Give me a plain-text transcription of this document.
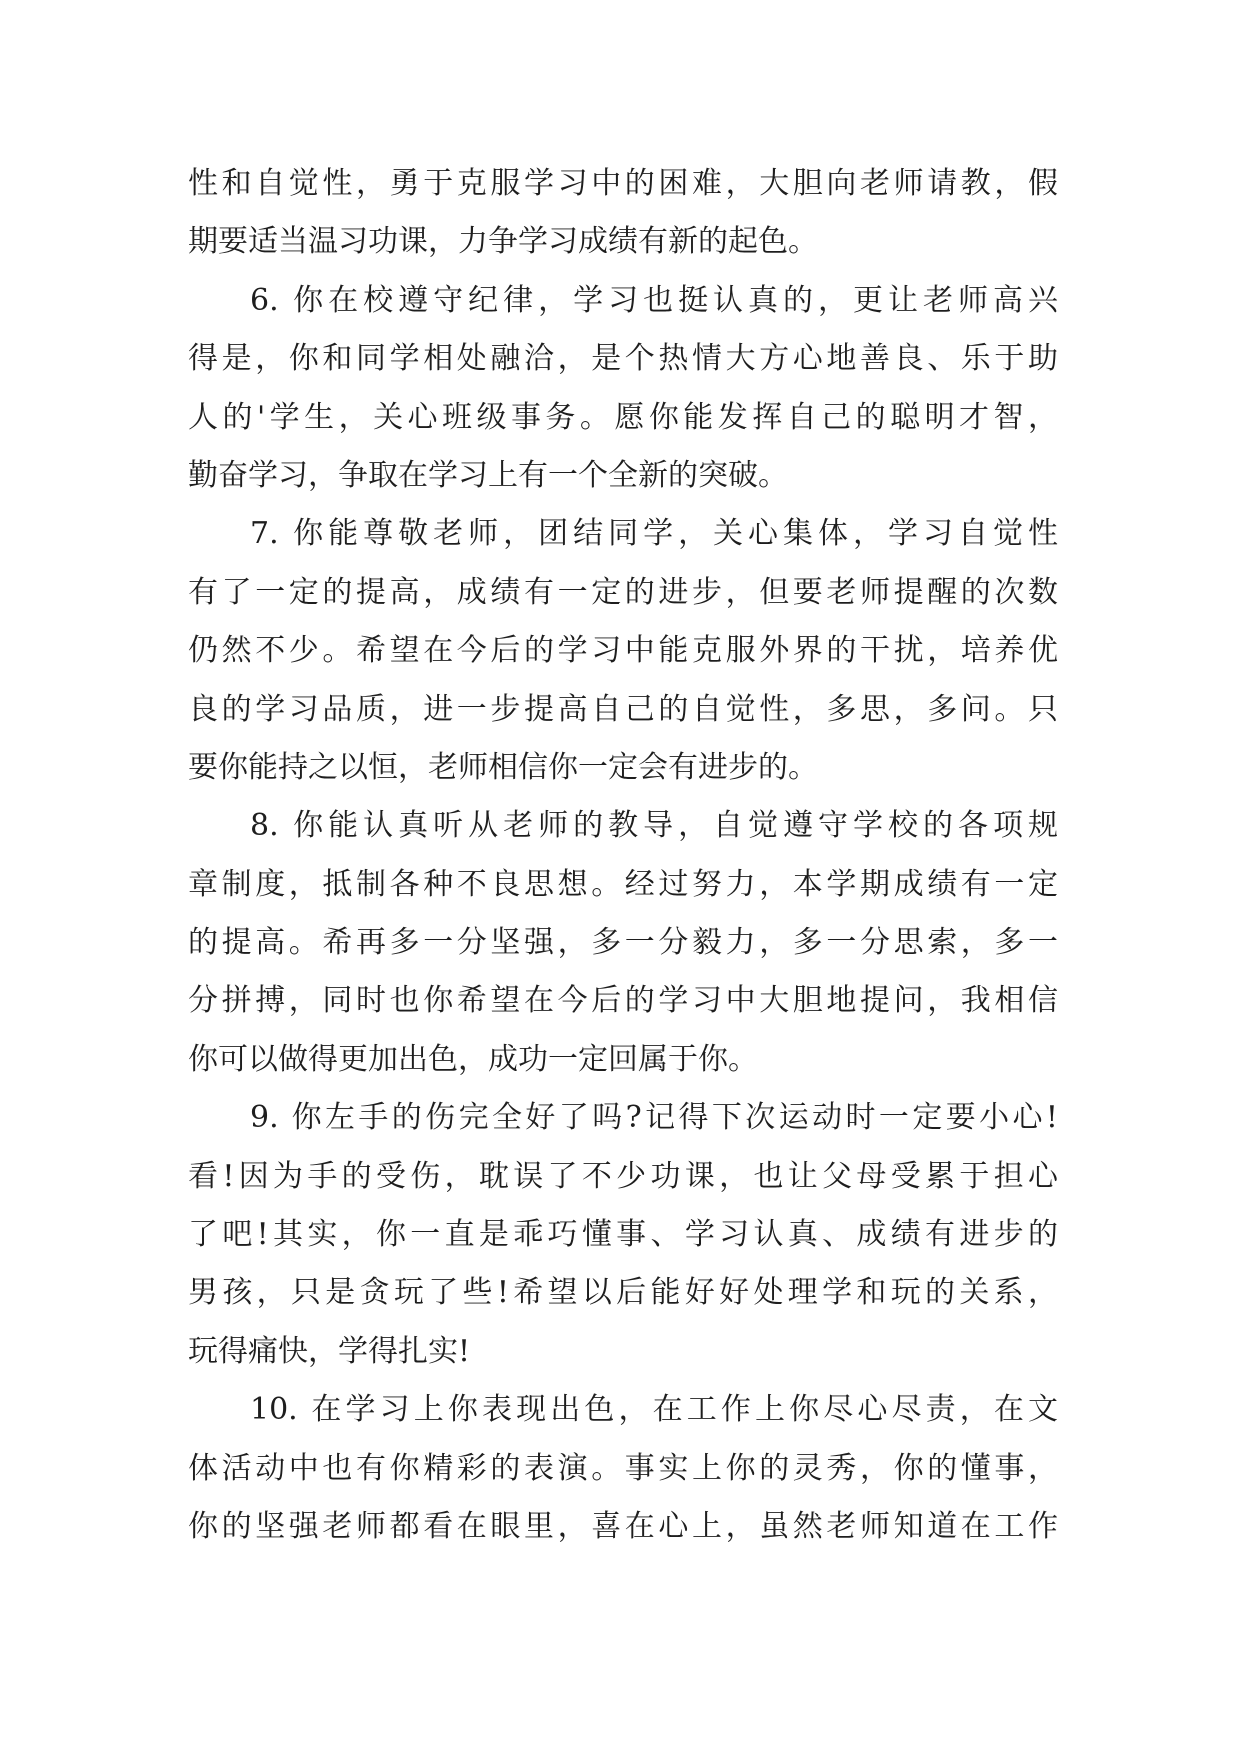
性和自觉性，勇于克服学习中的困难，大胆向老师请教，假
期要适当温习功课，力争学习成绩有新的起色。
6. 你在校遵守纪律，学习也挺认真的，更让老师高兴
得是，你和同学相处融洽，是个热情大方心地善良、乐于助
人的'学生，关心班级事务。愿你能发挥自己的聪明才智，
勤奋学习，争取在学习上有一个全新的突破。
7. 你能尊敬老师，团结同学，关心集体，学习自觉性
有了一定的提高，成绩有一定的进步，但要老师提醒的次数
仍然不少。希望在今后的学习中能克服外界的干扰，培养优
良的学习品质，进一步提高自己的自觉性，多思，多问。只
要你能持之以恒，老师相信你一定会有进步的。
8. 你能认真听从老师的教导，自觉遵守学校的各项规
章制度，抵制各种不良思想。经过努力，本学期成绩有一定
的提高。希再多一分坚强，多一分毅力，多一分思索，多一
分拼搏，同时也你希望在今后的学习中大胆地提问，我相信
你可以做得更加出色，成功一定回属于你。
9. 你左手的伤完全好了吗?记得下次运动时一定要小心!
看!因为手的受伤，耽误了不少功课，也让父母受累于担心
了吧!其实，你一直是乖巧懂事、学习认真、成绩有进步的
男孩，只是贪玩了些!希望以后能好好处理学和玩的关系，
玩得痛快，学得扎实!
10. 在学习上你表现出色，在工作上你尽心尽责，在文
体活动中也有你精彩的表演。事实上你的灵秀，你的懂事，
你的坚强老师都看在眼里，喜在心上，虽然老师知道在工作
